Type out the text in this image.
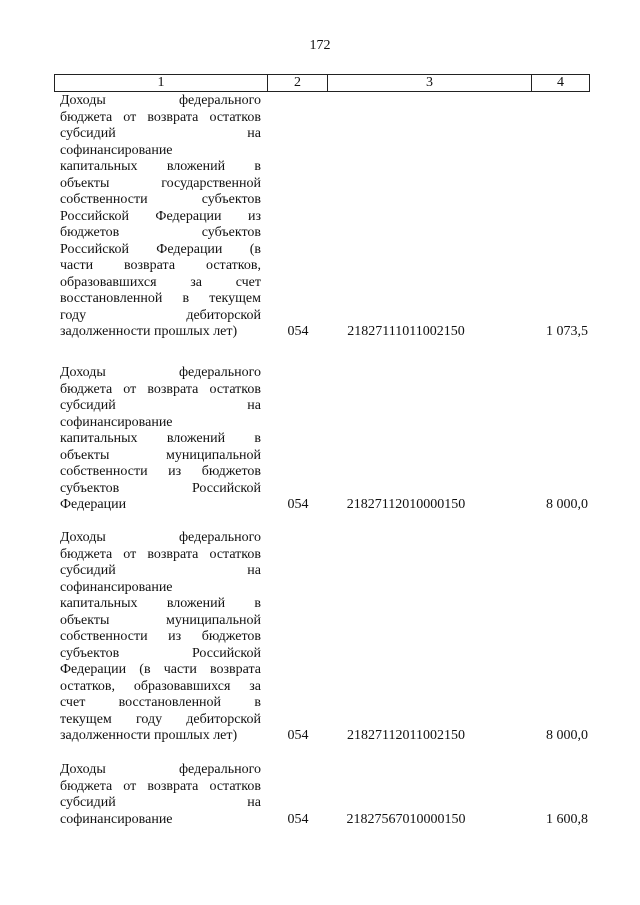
172
1	2	3	4
Доходы федерального
бюджета от возврата остатков
субсидий на
софинансирование
капитальных вложений в
объекты государственной
собственности субъектов
Российской Федерации из
бюджетов субъектов
Российской Федерации (в
части возврата остатков,
образовавшихся за счет
восстановленной в текущем
году дебиторской
задолженности прошлых лет)	054	21827111011002150	1 073,5
Доходы федерального
бюджета от возврата остатков
субсидий на
софинансирование
капитальных вложений в
объекты муниципальной
собственности из бюджетов
субъектов Российской
Федерации	054	21827112010000150	8 000,0
Доходы федерального
бюджета от возврата остатков
субсидий на
софинансирование
капитальных вложений в
объекты муниципальной
собственности из бюджетов
субъектов Российской
Федерации (в части возврата
остатков, образовавшихся за
счет восстановленной в
текущем году дебиторской
задолженности прошлых лет)	054	21827112011002150	8 000,0
Доходы федерального
бюджета от возврата остатков
субсидий на
софинансирование	054	21827567010000150	1 600,8
